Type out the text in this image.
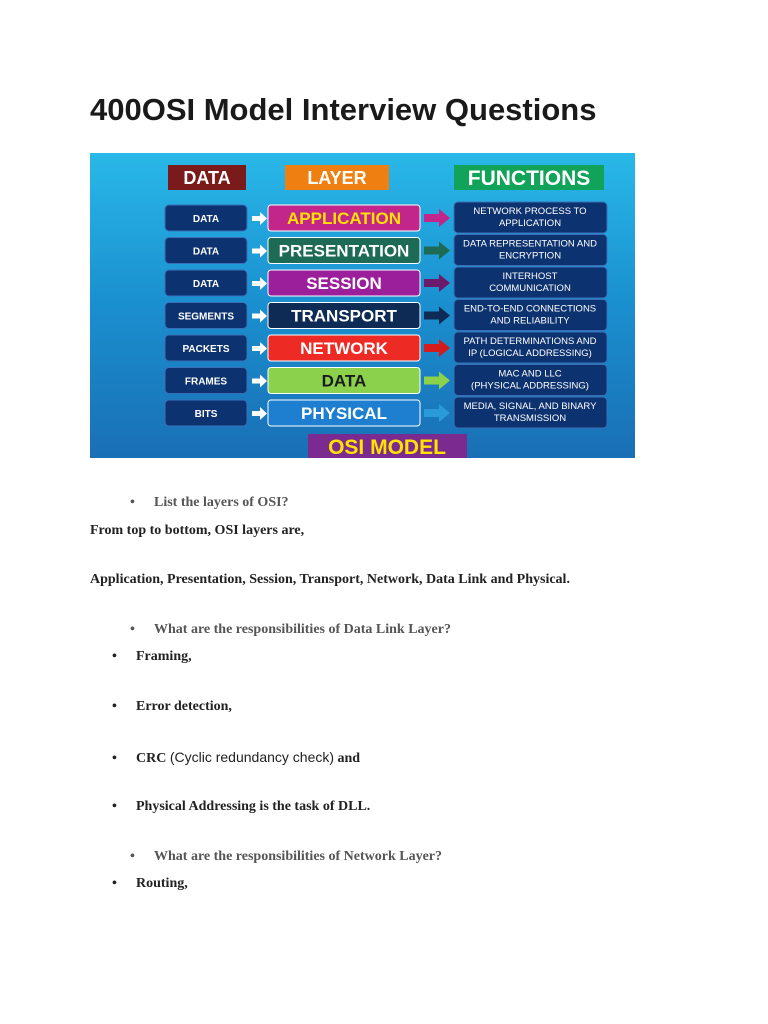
400OSI Model Interview Questions
DATA	LAYER	FUNCTIONS
DATA	APPLICATION	NETWORK PROCESS TO
APPLICATION
DATA	PRESENTATION	DATA REPRESENTATION AND
ENCRYPTION
DATA	SESSION	INTERHOST
COMMUNICATION
SEGMENTS	TRANSPORT	END-TO-END CONNECTIONS
AND RELIABILITY
PACKETS	NETWORK	PATH DETERMINATIONS AND
IP (LOGICAL ADDRESSING)
FRAMES	DATA	MAC AND LLC
(PHYSICAL ADDRESSING)
BITS	PHYSICAL	MEDIA, SIGNAL, AND BINARY
TRANSMISSION
OSI MODEL
• List the layers of OSI?
From top to bottom, OSI layers are,
Application, Presentation, Session, Transport, Network, Data Link and Physical.
• What are the responsibilities of Data Link Layer?
• Framing,
• Error detection,
• CRC (Cyclic redundancy check) and
• Physical Addressing is the task of DLL.
• What are the responsibilities of Network Layer?
• Routing,
